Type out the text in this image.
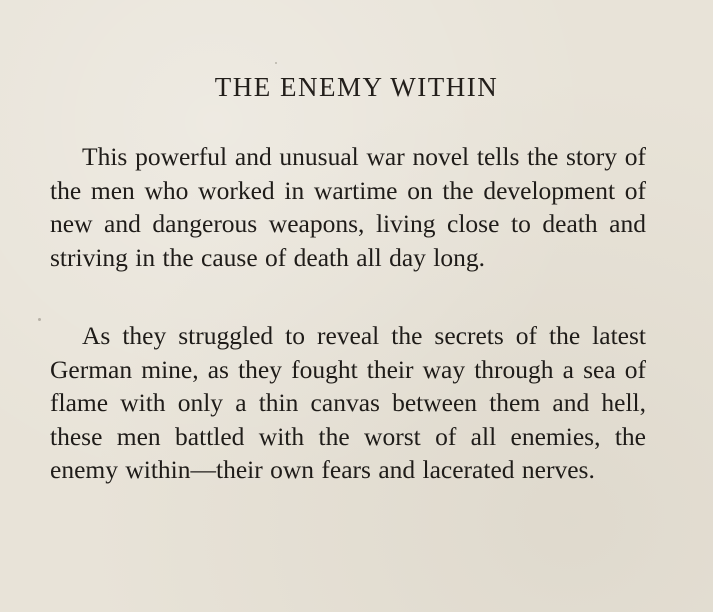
THE ENEMY WITHIN

This powerful and unusual war novel tells the story of the men who worked in wartime on the development of new and dangerous weapons, living close to death and striving in the cause of death all day long.

As they struggled to reveal the secrets of the latest German mine, as they fought their way through a sea of flame with only a thin canvas between them and hell, these men battled with the worst of all enemies, the enemy within—their own fears and lacerated nerves.
